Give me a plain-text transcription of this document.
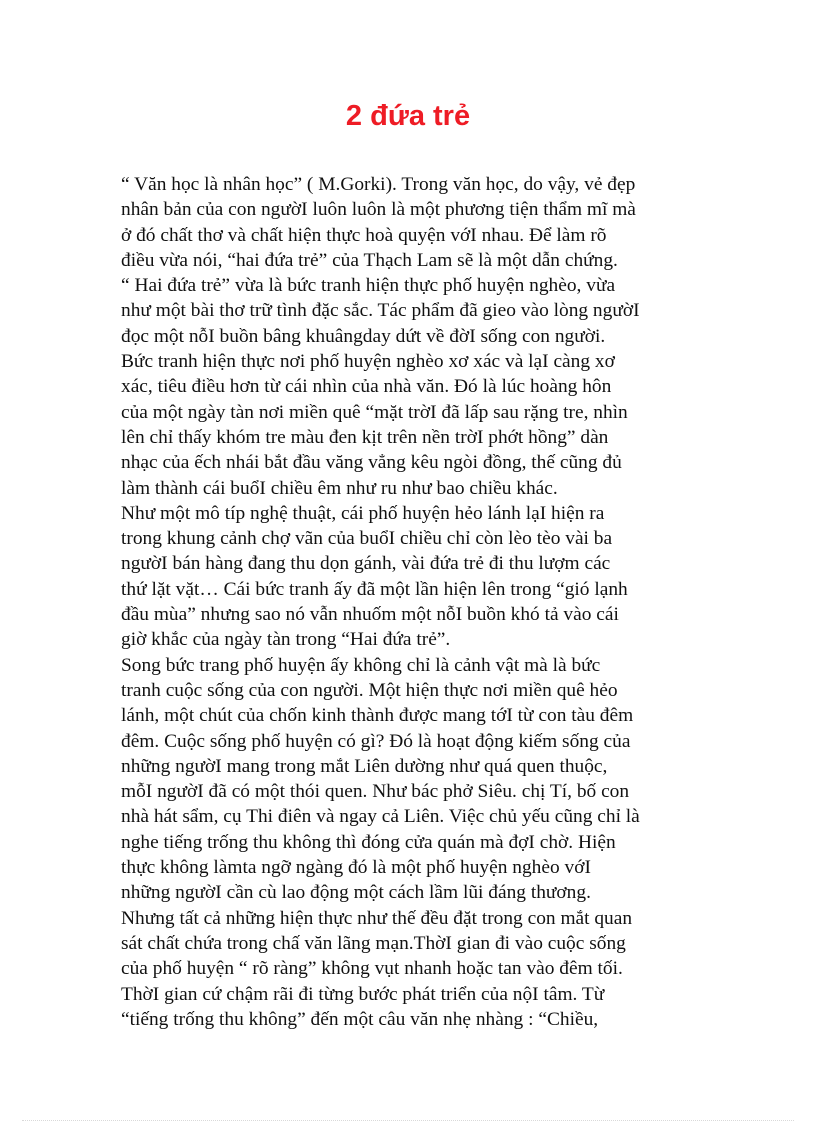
2 đứa trẻ
“ Văn học là nhân học” ( M.Gorki). Trong văn học, do vậy, vẻ đẹp
nhân bản của con ngườI luôn luôn là một phương tiện thẩm mĩ mà
ở đó chất thơ và chất hiện thực hoà quyện vớI nhau. Để làm rõ
điều vừa nói, “hai đứa trẻ” của Thạch Lam sẽ là một dẫn chứng.
“ Hai đứa trẻ” vừa là bức tranh hiện thực phố huyện nghèo, vừa
như một bài thơ trữ tình đặc sắc. Tác phẩm đã gieo vào lòng ngườI
đọc một nỗI buồn bâng khuângday dứt về đờI sống con người.
Bức tranh hiện thực nơi phố huyện nghèo xơ xác và lạI càng xơ
xác, tiêu điều hơn từ cái nhìn của nhà văn. Đó là lúc hoàng hôn
của một ngày tàn nơi miền quê “mặt trờI đã lấp sau rặng tre, nhìn
lên chỉ thấy khóm tre màu đen kịt trên nền trờI phớt hồng” dàn
nhạc của ếch nhái bắt đầu văng vẳng kêu ngòi đồng, thế cũng đủ
làm thành cái buổI chiều êm như ru như bao chiều khác.
Như một mô típ nghệ thuật, cái phố huyện hẻo lánh lạI hiện ra
trong khung cảnh chợ vãn của buổI chiều chỉ còn lèo tèo vài ba
ngườI bán hàng đang thu dọn gánh, vài đứa trẻ đi thu lượm các
thứ lặt vặt… Cái bức tranh ấy đã một lần hiện lên trong “gió lạnh
đầu mùa” nhưng sao nó vẫn nhuốm một nỗI buồn khó tả vào cái
giờ khắc của ngày tàn trong “Hai đứa trẻ”.
Song bức trang phố huyện ấy không chỉ là cảnh vật mà là bức
tranh cuộc sống của con người. Một hiện thực nơi miền quê hẻo
lánh, một chút của chốn kinh thành được mang tớI từ con tàu đêm
đêm. Cuộc sống phố huyện có gì? Đó là hoạt động kiếm sống của
những ngườI mang trong mắt Liên dường như quá quen thuộc,
mỗI ngườI đã có một thói quen. Như bác phở Siêu. chị Tí, bố con
nhà hát sẩm, cụ Thi điên và ngay cả Liên. Việc chủ yếu cũng chỉ là
nghe tiếng trống thu không thì đóng cửa quán mà đợI chờ. Hiện
thực không làmta ngỡ ngàng đó là một phố huyện nghèo vớI
những ngườI cần cù lao động một cách lầm lũi đáng thương.
Nhưng tất cả những hiện thực như thế đều đặt trong con mắt quan
sát chất chứa trong chấ văn lãng mạn.ThờI gian đi vào cuộc sống
của phố huyện “ rõ ràng” không vụt nhanh hoặc tan vào đêm tối.
ThờI gian cứ chậm rãi đi từng bước phát triển của nộI tâm. Từ
“tiếng trống thu không” đến một câu văn nhẹ nhàng : “Chiều,
